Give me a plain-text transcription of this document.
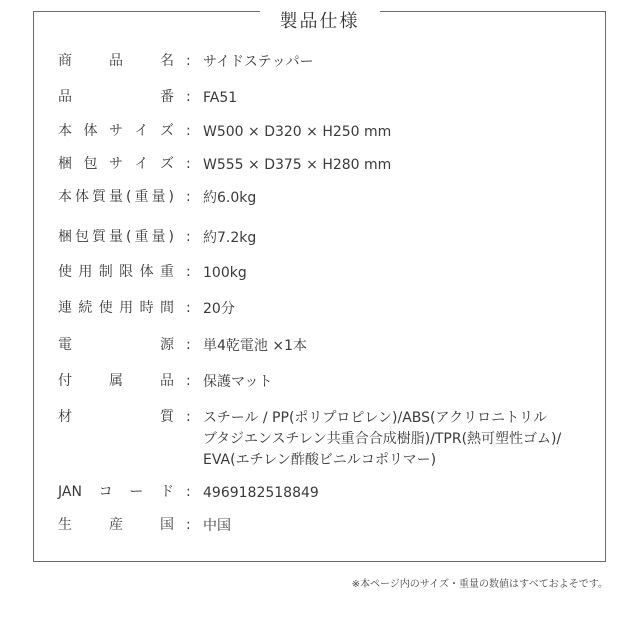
製品仕様
商	品	名 : サイドステッパー
品	番 : FA51
本 体 サ イ ズ : W500 × D320 × H250 mm
梱 包 サ イ ズ : W555 × D375 × H280 mm
本 体 質 量 ( 重 量 ) : 約6.0kg
梱 包 質 量 ( 重 量 ) : 約7.2kg
使 用 制 限 体 重 : 100kg
連 続 使 用 時 間 : 20分
電	源 : 単4乾電池 ×1本
付	属	品 : 保護マット
材	質 : スチール / PP(ポリプロピレン)/ABS(アクリロニトリル
ブタジエンスチレン共重合合成樹脂)/TPR(熱可塑性ゴム)/
EVA(エチレン酢酸ビニルコポリマー)
JAN コ ー ド : 4969182518849
生	産	国 : 中国
※本ページ内のサイズ・重量の数値はすべておよそです。
